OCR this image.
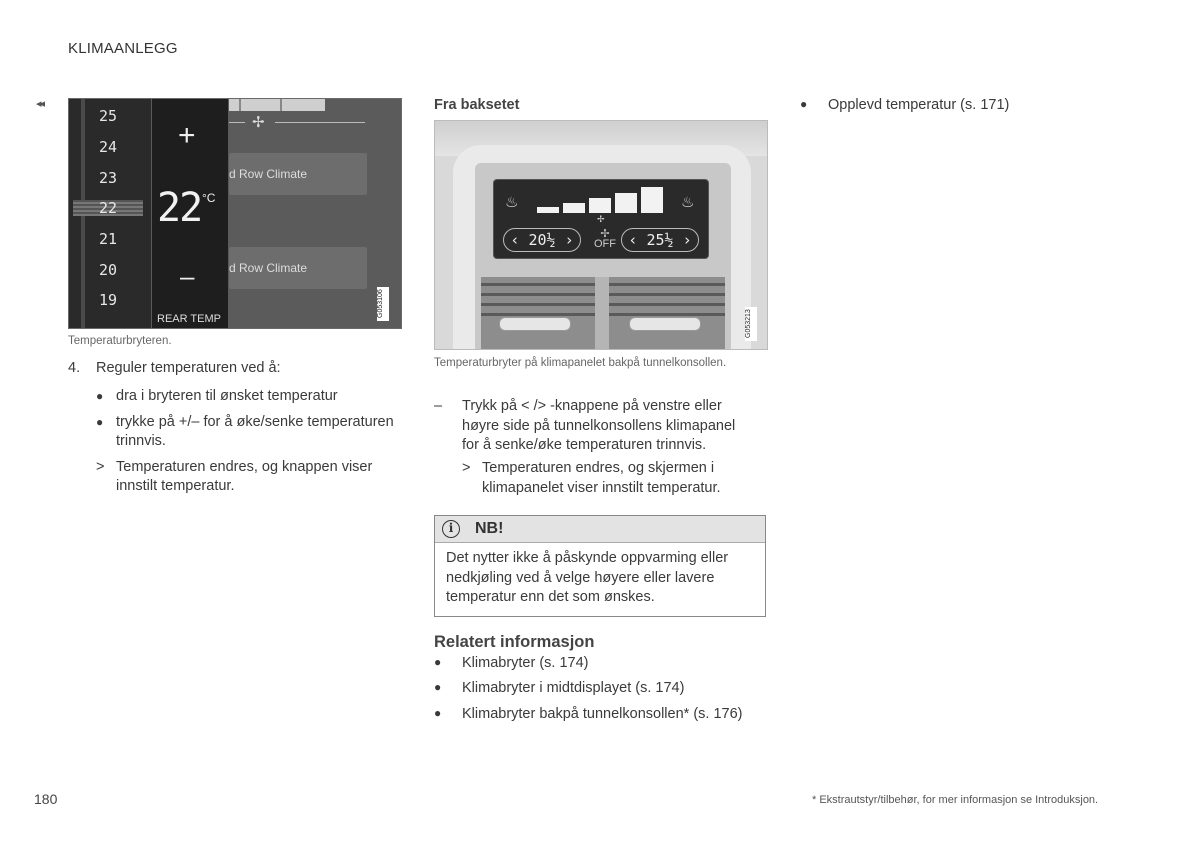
KLIMAANLEGG
◂◂
25
24
23
22
21
20
19
+
22 °C
–
REAR TEMP
✢
d Row Climate
d Row Climate
G053106
Temperaturbryteren.
4. Reguler temperaturen ved å:
● dra i bryteren til ønsket temperatur
● trykke på +/– for å øke/senke temperaturen trinnvis.
> Temperaturen endres, og knappen viser innstilt temperatur.
Fra baksetet
♨	♨
✢
‹ 20½ ›	✢
OFF ‹ 25½ ›
G053213
Temperaturbryter på klimapanelet bakpå tunnelkonsollen.
– Trykk på < /> -knappene på venstre eller høyre side på tunnelkonsollens klimapanel for å senke/øke temperaturen trinnvis.
> Temperaturen endres, og skjermen i klimapanelet viser innstilt temperatur.
i	NB!
Det nytter ikke å påskynde oppvarming eller nedkjøling ved å velge høyere eller lavere temperatur enn det som ønskes.
Relatert informasjon
● Klimabryter (s. 174)
● Klimabryter i midtdisplayet (s. 174)
● Klimabryter bakpå tunnelkonsollen* (s. 176)
● Opplevd temperatur (s. 171)
180	* Ekstrautstyr/tilbehør, for mer informasjon se Introduksjon.
